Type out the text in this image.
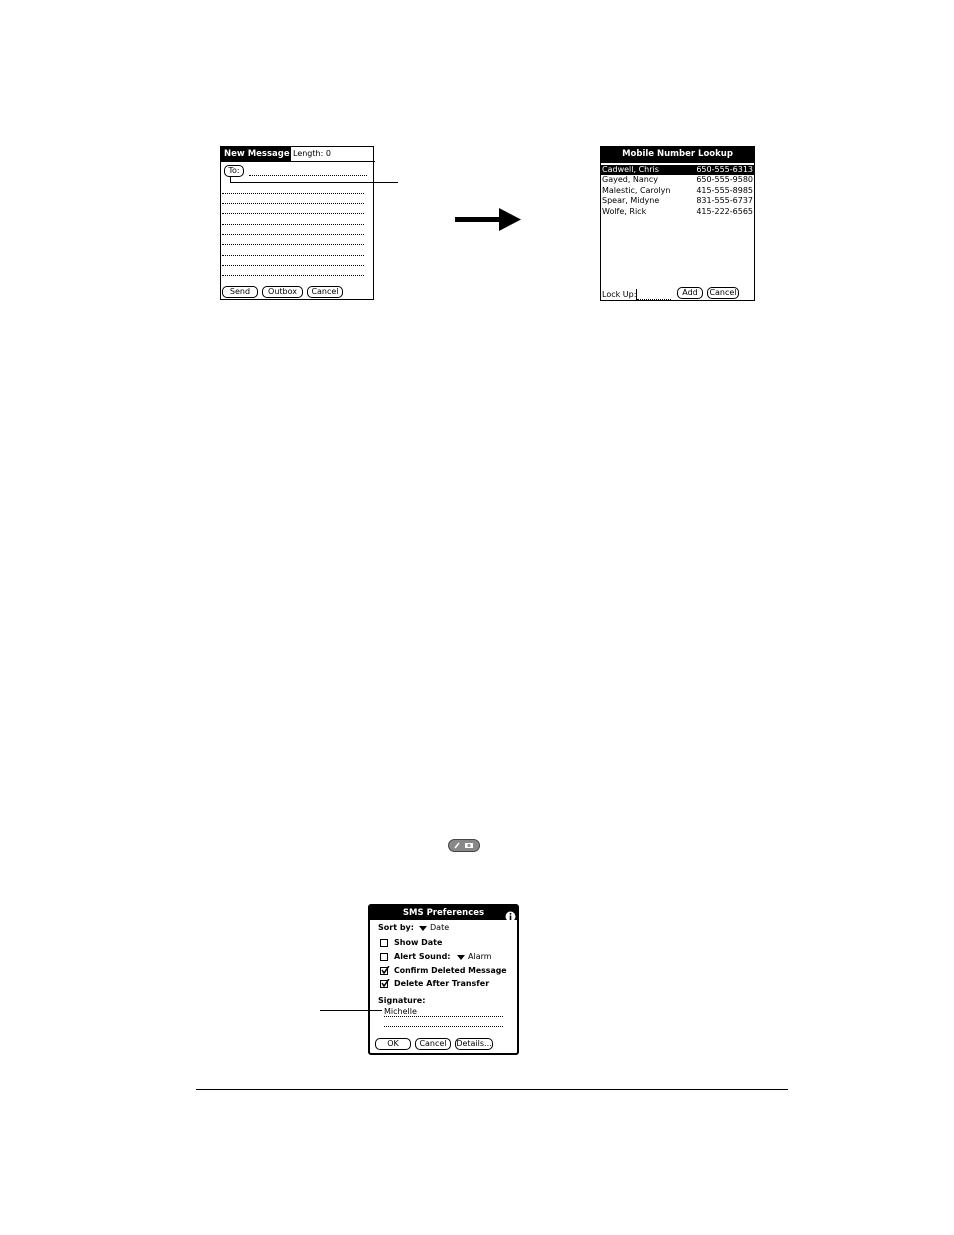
New Message Length: 0
To:
Send	Outbox	Cancel
Mobile Number Lookup
Cadwell, Chris	650-555-6313
Gayed, Nancy	650-555-9580
Malestic, Carolyn	415-555-8985
Spear, Midyne	831-555-6737
Wolfe, Rick	415-222-6565
Lock Up:	Add	Cancel
SMS Preferences
Sort by: Date
Show Date
Alert Sound: Alarm
Confirm Deleted Message
Delete After Transfer
Signature:
Michelle
OK	Cancel	Details...
